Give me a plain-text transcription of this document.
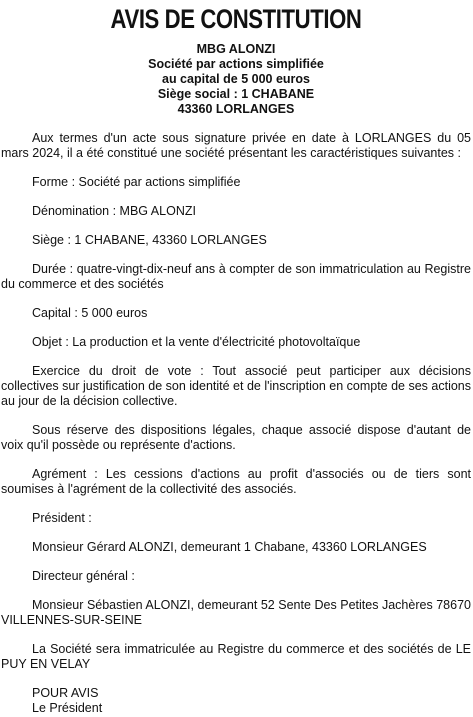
AVIS DE CONSTITUTION
MBG ALONZI
Société par actions simplifiée
au capital de 5 000 euros
Siège social : 1 CHABANE
43360 LORLANGES

Aux termes d'un acte sous signature privée en date à LORLANGES du 05 mars 2024, il a été constitué une société présentant les caractéristiques suivantes :

Forme : Société par actions simplifiée

Dénomination : MBG ALONZI

Siège : 1 CHABANE, 43360 LORLANGES

Durée : quatre-vingt-dix-neuf ans à compter de son immatriculation au Registre du commerce et des sociétés

Capital : 5 000 euros

Objet : La production et la vente d'électricité photovoltaïque

Exercice du droit de vote : Tout associé peut participer aux décisions collectives sur justification de son identité et de l'inscription en compte de ses actions au jour de la décision collective.

Sous réserve des dispositions légales, chaque associé dispose d'autant de voix qu'il possède ou représente d'actions.

Agrément : Les cessions d'actions au profit d'associés ou de tiers sont soumises à l'agrément de la collectivité des associés.

Président :

Monsieur Gérard ALONZI, demeurant 1 Chabane, 43360 LORLANGES

Directeur général :

Monsieur Sébastien ALONZI, demeurant 52 Sente Des Petites Jachères 78670 VILLENNES-SUR-SEINE

La Société sera immatriculée au Registre du commerce et des sociétés de LE PUY EN VELAY

POUR AVIS

Le Président
